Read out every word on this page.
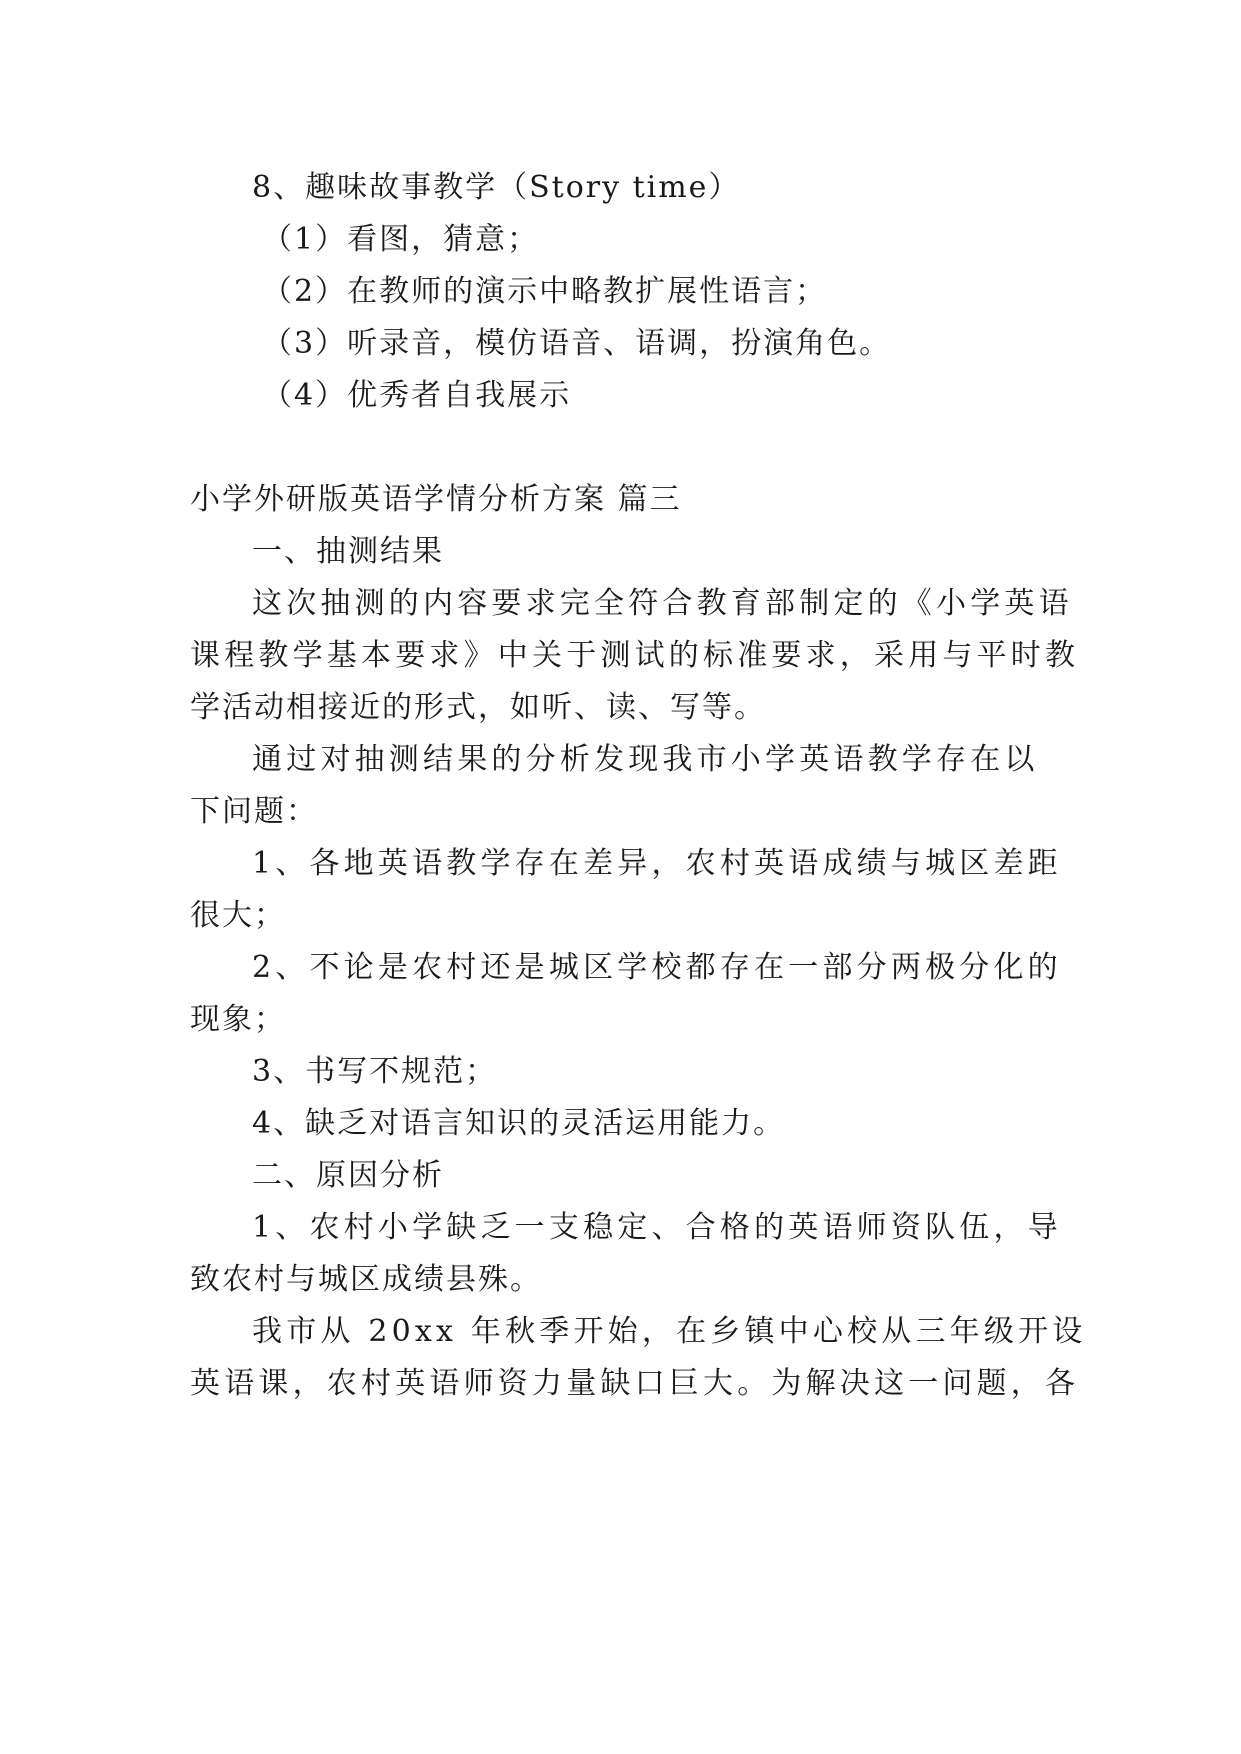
8、趣味故事教学（Story time）
（1）看图，猜意；
（2）在教师的演示中略教扩展性语言；
（3）听录音，模仿语音、语调，扮演角色。
（4）优秀者自我展示
小学外研版英语学情分析方案 篇三
一、抽测结果
这次抽测的内容要求完全符合教育部制定的《小学英语
课程教学基本要求》中关于测试的标准要求，采用与平时教
学活动相接近的形式，如听、读、写等。
通过对抽测结果的分析发现我市小学英语教学存在以
下问题：
1、各地英语教学存在差异，农村英语成绩与城区差距
很大；
2、不论是农村还是城区学校都存在一部分两极分化的
现象；
3、书写不规范；
4、缺乏对语言知识的灵活运用能力。
二、原因分析
1、农村小学缺乏一支稳定、合格的英语师资队伍，导
致农村与城区成绩县殊。
我市从 20xx 年秋季开始，在乡镇中心校从三年级开设
英语课，农村英语师资力量缺口巨大。为解决这一问题，各
